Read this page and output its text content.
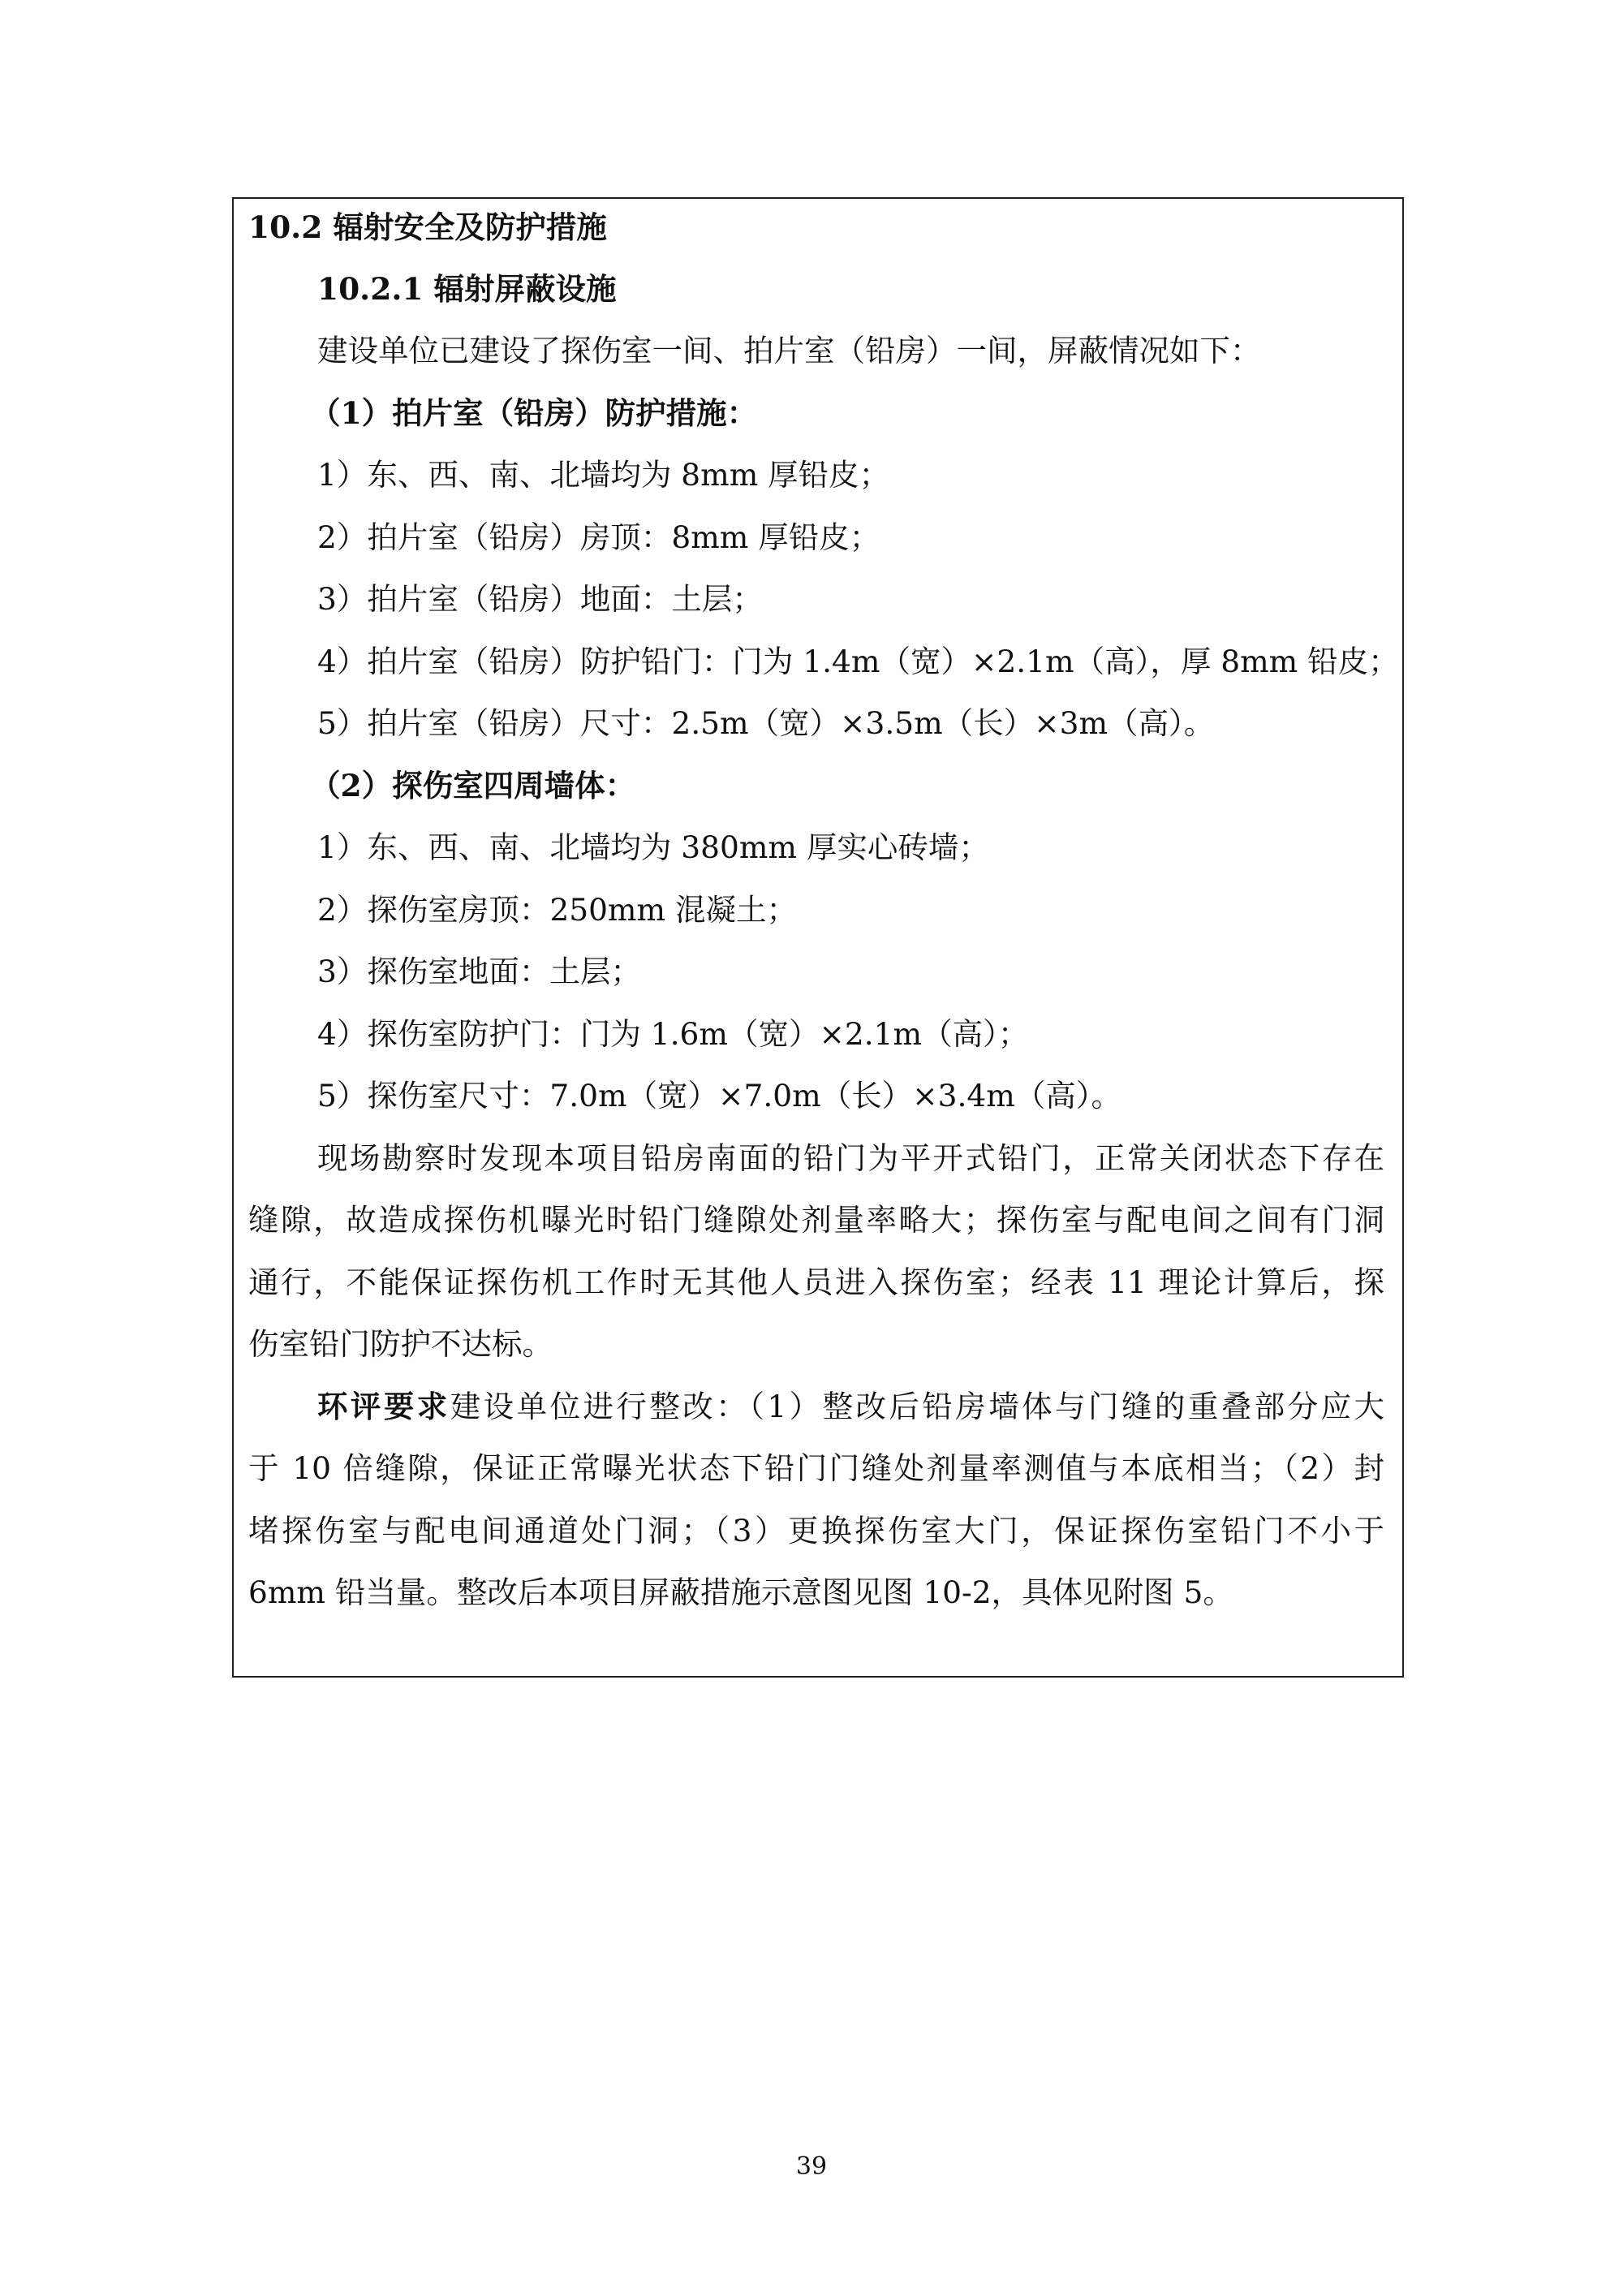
10.2 辐射安全及防护措施
10.2.1 辐射屏蔽设施
建设单位已建设了探伤室一间、拍片室（铅房）一间，屏蔽情况如下：
（1）拍片室（铅房）防护措施：
1）东、西、南、北墙均为 8mm 厚铅皮；
2）拍片室（铅房）房顶：8mm 厚铅皮；
3）拍片室（铅房）地面：土层；
4）拍片室（铅房）防护铅门：门为 1.4m（宽）×2.1m（高），厚 8mm 铅皮；
5）拍片室（铅房）尺寸：2.5m（宽）×3.5m（长）×3m（高）。
（2）探伤室四周墙体：
1）东、西、南、北墙均为 380mm 厚实心砖墙；
2）探伤室房顶：250mm 混凝土；
3）探伤室地面：土层；
4）探伤室防护门：门为 1.6m（宽）×2.1m（高）；
5）探伤室尺寸：7.0m（宽）×7.0m（长）×3.4m（高）。
现场勘察时发现本项目铅房南面的铅门为平开式铅门，正常关闭状态下存在
缝隙，故造成探伤机曝光时铅门缝隙处剂量率略大；探伤室与配电间之间有门洞
通行，不能保证探伤机工作时无其他人员进入探伤室；经表 11 理论计算后，探
伤室铅门防护不达标。
环评要求建设单位进行整改：（1）整改后铅房墙体与门缝的重叠部分应大
于 10 倍缝隙，保证正常曝光状态下铅门门缝处剂量率测值与本底相当；（2）封
堵探伤室与配电间通道处门洞；（3）更换探伤室大门，保证探伤室铅门不小于
6mm 铅当量。整改后本项目屏蔽措施示意图见图 10-2，具体见附图 5。
39
